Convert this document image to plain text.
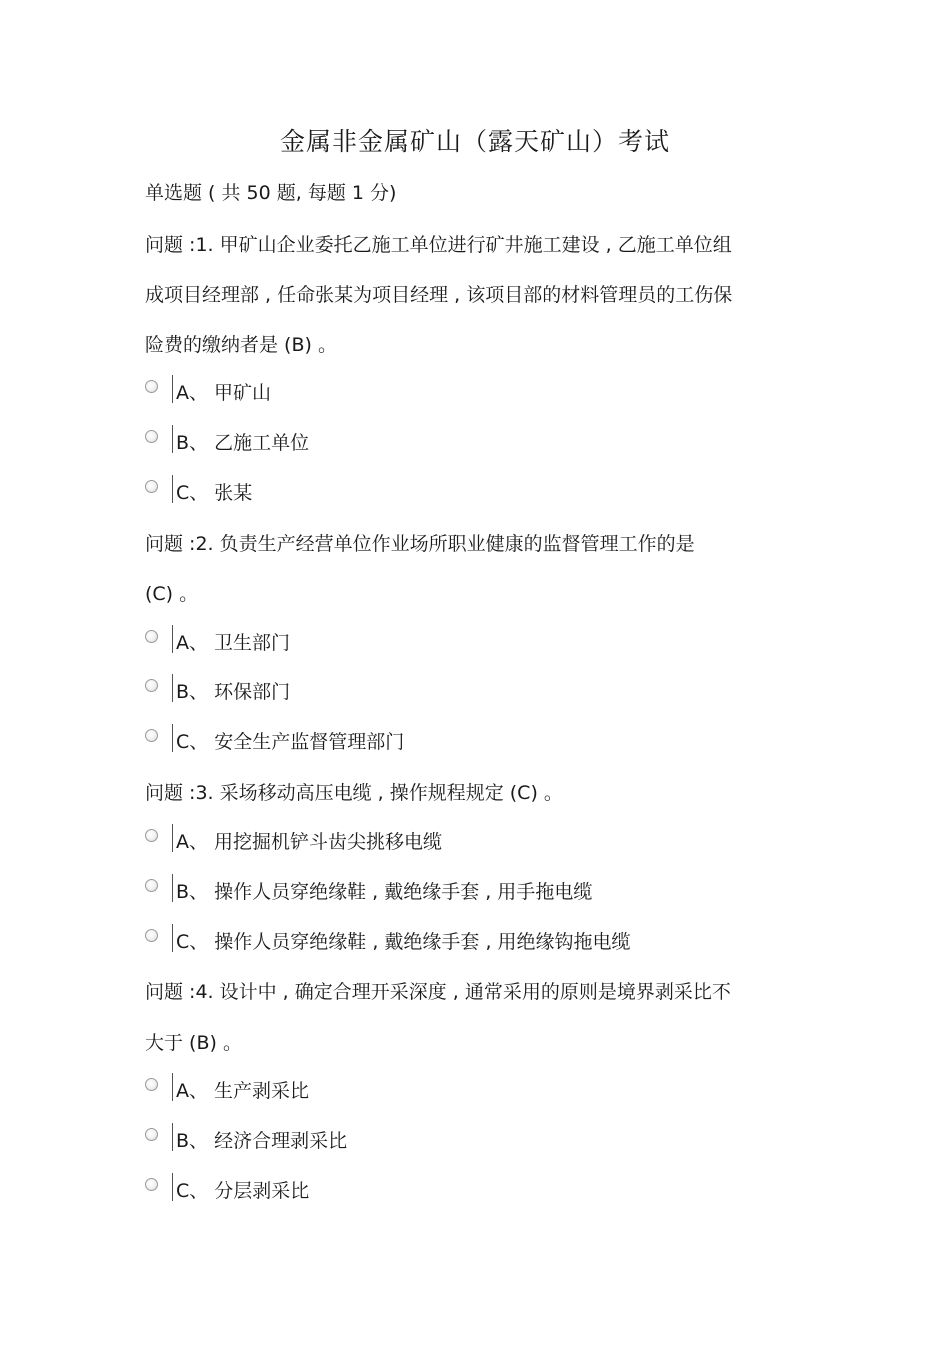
金属非金属矿山（露天矿山）考试
单选题 ( 共 50 题, 每题 1 分)
问题 :1. 甲矿山企业委托乙施工单位进行矿井施工建设 , 乙施工单位组
成项目经理部 , 任命张某为项目经理 , 该项目部的材料管理员的工伤保
险费的缴纳者是 (B) 。
A、 甲矿山
B、 乙施工单位
C、 张某
问题 :2. 负责生产经营单位作业场所职业健康的监督管理工作的是
(C) 。
A、 卫生部门
B、 环保部门
C、 安全生产监督管理部门
问题 :3. 采场移动高压电缆 , 操作规程规定 (C) 。
A、 用挖掘机铲斗齿尖挑移电缆
B、 操作人员穿绝缘鞋 , 戴绝缘手套 , 用手拖电缆
C、 操作人员穿绝缘鞋 , 戴绝缘手套 , 用绝缘钩拖电缆
问题 :4. 设计中 , 确定合理开采深度 , 通常采用的原则是境界剥采比不
大于 (B) 。
A、 生产剥采比
B、 经济合理剥采比
C、 分层剥采比
